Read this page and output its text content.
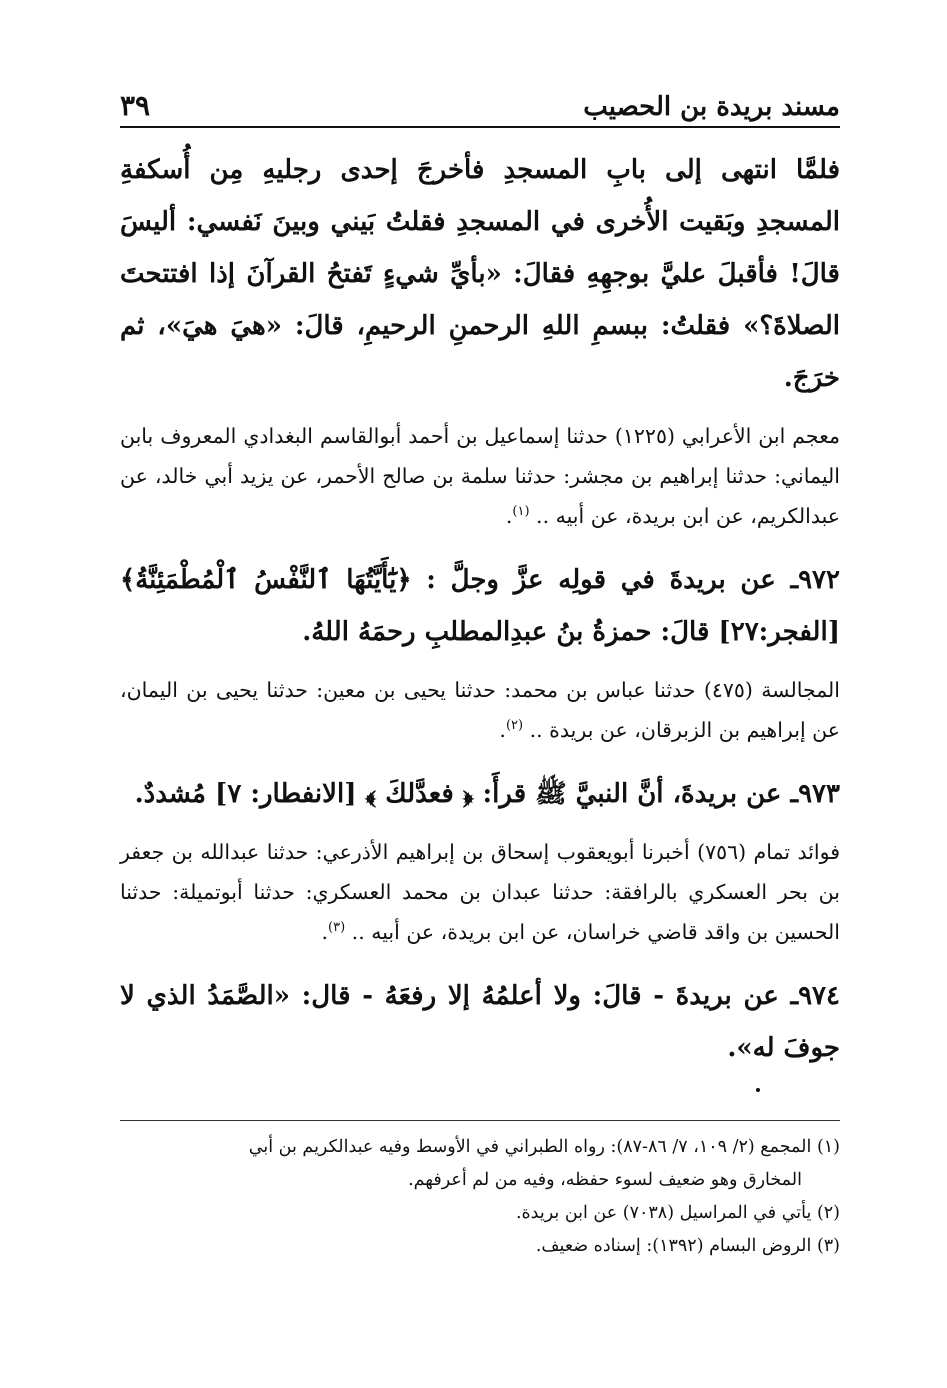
مسند بريدة بن الحصيب
٣٩

فلمَّا انتهى إلى بابِ المسجدِ فأخرجَ إحدى رجليهِ مِن أُسكفةِ المسجدِ وبَقيت الأُخرى في المسجدِ فقلتُ بَيني وبينَ نَفسي: أليسَ قالَ! فأقبلَ عليَّ بوجهِهِ فقالَ: «بأيِّ شيءٍ تَفتحُ القرآنَ إذا افتتحتَ الصلاةَ؟» فقلتُ: ببسمِ اللهِ الرحمنِ الرحيمِ، قالَ: «هيَ هيَ»، ثم خرَجَ.

معجم ابن الأعرابي (١٢٢٥) حدثنا إسماعيل بن أحمد أبوالقاسم البغدادي المعروف بابن اليماني: حدثنا إبراهيم بن مجشر: حدثنا سلمة بن صالح الأحمر، عن يزيد أبي خالد، عن عبدالكريم، عن ابن بريدة، عن أبيه .. $^{(١)}$.

٩٧٢ـ عن بريدةَ في قولِه عزَّ وجلَّ : ﴿يَٰٓأَيَّتُهَا ٱلنَّفْسُ ٱلْمُطْمَئِنَّةُ﴾ [الفجر:٢٧] قالَ: حمزةُ بنُ عبدِالمطلبِ رحمَهُ اللهُ.

المجالسة (٤٧٥) حدثنا عباس بن محمد: حدثنا يحيى بن معين: حدثنا يحيى بن اليمان، عن إبراهيم بن الزبرقان، عن بريدة .. $^{(٢)}$.

٩٧٣ـ عن بريدةَ، أنَّ النبيَّ ﷺ قرأَ: ﴿ فعدَّلكَ ﴾ [الانفطار: ٧] مُشددٌ.

فوائد تمام (٧٥٦) أخبرنا أبويعقوب إسحاق بن إبراهيم الأذرعي: حدثنا عبدالله بن جعفر بن بحر العسكري بالرافقة: حدثنا عبدان بن محمد العسكري: حدثنا أبوتميلة: حدثنا الحسين بن واقد قاضي خراسان، عن ابن بريدة، عن أبيه .. $^{(٣)}$.

٩٧٤ـ عن بريدةَ - قالَ: ولا أعلمُهُ إلا رفعَهُ - قال: «الصَّمَدُ الذي لا جوفَ له».

(١) المجمع (٢/ ١٠٩، ٧/ ٨٦-٨٧): رواه الطبراني في الأوسط وفيه عبدالكريم بن أبي

المخارق وهو ضعيف لسوء حفظه، وفيه من لم أعرفهم.

(٢) يأتي في المراسيل (٧٠٣٨) عن ابن بريدة.

(٣) الروض البسام (١٣٩٢): إسناده ضعيف.
